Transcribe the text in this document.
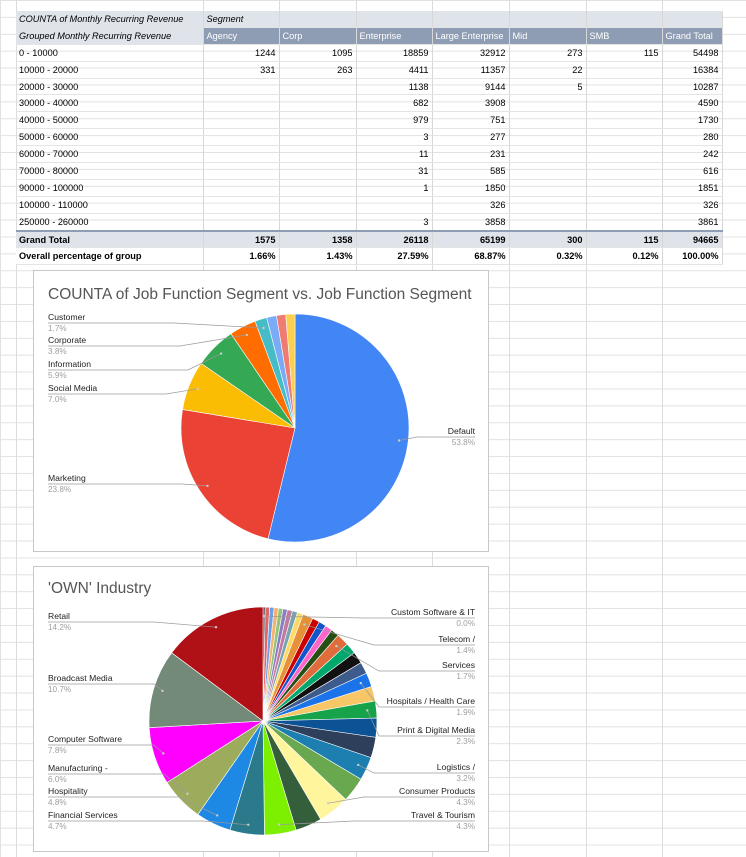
COUNTA of Monthly Recurring Revenue	Segment						
Grouped Monthly Recurring Revenue	Agency	Corp	Enterprise	Large Enterprise	Mid	SMB	Grand Total
0 - 10000	1244	1095	18859	32912	273	115	54498
10000 - 20000	331	263	4411	11357	22		16384
20000 - 30000			1138	9144	5		10287
30000 - 40000			682	3908			4590
40000 - 50000			979	751			1730
50000 - 60000			3	277			280
60000 - 70000			11	231			242
70000 - 80000			31	585			616
90000 - 100000			1	1850			1851
100000 - 110000				326			326
250000 - 260000			3	3858			3861
Grand Total	1575	1358	26118	65199	300	115	94665
Overall percentage of group	1.66%	1.43%	27.59%	68.87%	0.32%	0.12%	100.00%
COUNTA of Job Function Segment vs. Job Function Segment
Customer
1.7%
Corporate
3.8%
Information
5.9%
Social Media
7.0%
Default
53.8%
Marketing
23.8%
'OWN' Industry
Custom Software & IT
0.0%
Telecom /
1.4%
Services
1.7%
Hospitals / Health Care
1.9%
Print & Digital Media
2.3%
Logistics /
3.2%
Consumer Products
4.3%
Travel & Tourism
4.3%
Retail
14.2%
Broadcast Media
10.7%
Computer Software
7.8%
Manufacturing -
6.0%
Hospitality
4.8%
Financial Services
4.7%
